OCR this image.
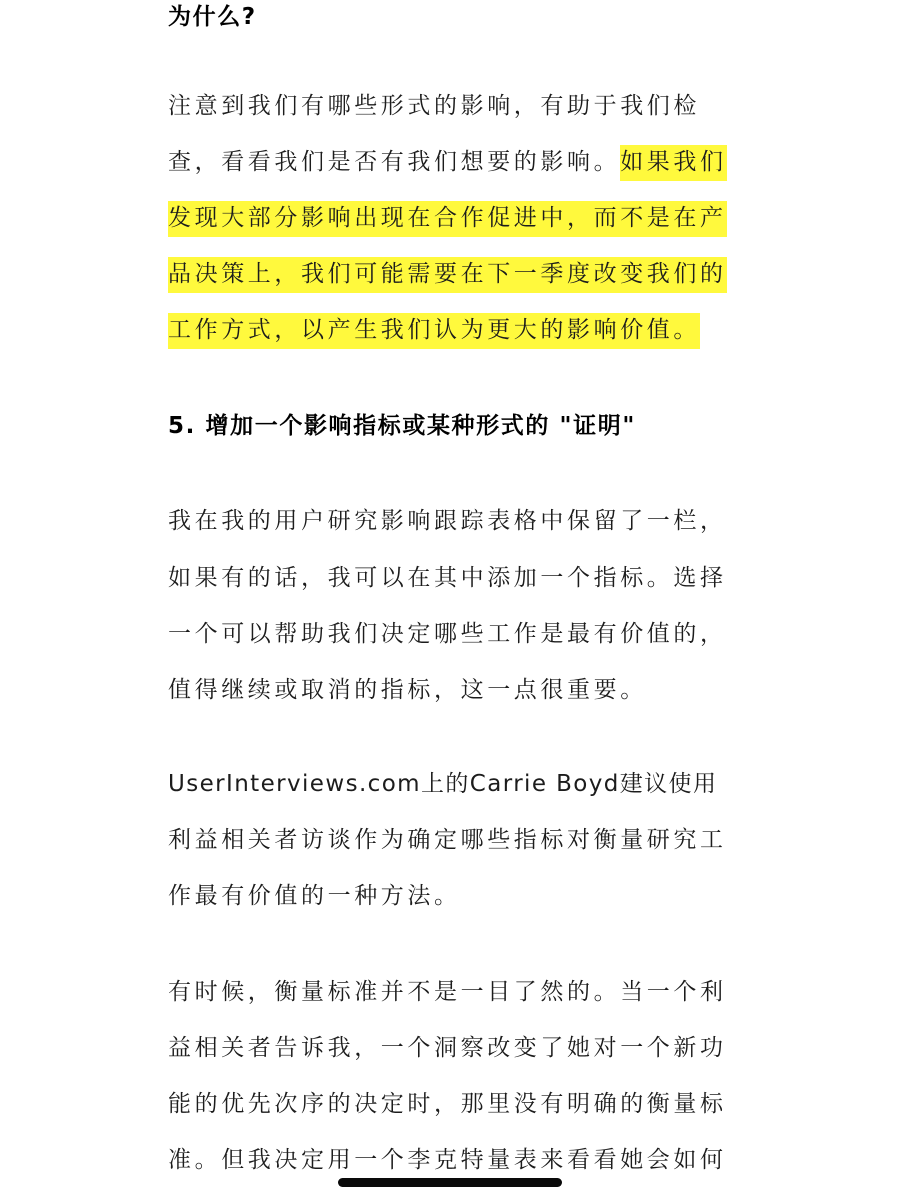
为什么?
注意到我们有哪些形式的影响，有助于我们检
查，看看我们是否有我们想要的影响。如果我们
发现大部分影响出现在合作促进中，而不是在产
品决策上，我们可能需要在下一季度改变我们的
工作方式，以产生我们认为更大的影响价值。
5. 增加一个影响指标或某种形式的 "证明"
我在我的用户研究影响跟踪表格中保留了一栏，
如果有的话，我可以在其中添加一个指标。选择
一个可以帮助我们决定哪些工作是最有价值的，
值得继续或取消的指标，这一点很重要。
UserInterviews.com上的Carrie Boyd建议使用
利益相关者访谈作为确定哪些指标对衡量研究工
作最有价值的一种方法。
有时候，衡量标准并不是一目了然的。当一个利
益相关者告诉我，一个洞察改变了她对一个新功
能的优先次序的决定时，那里没有明确的衡量标
准。但我决定用一个李克特量表来看看她会如何
